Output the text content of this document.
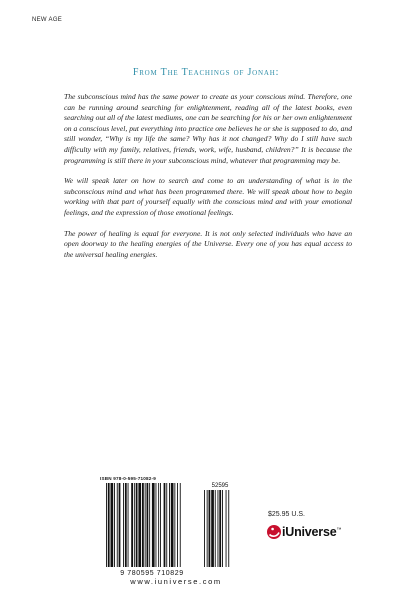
NEW AGE
From The Teachings of Jonah:

The subconscious mind has the same power to create as your conscious mind. Therefore, one can be running around searching for enlightenment, reading all of the latest books, even searching out all of the latest mediums, one can be searching for his or her own enlightenment on a conscious level, put everything into practice one believes he or she is supposed to do, and still wonder, “Why is my life the same? Why has it not changed? Why do I still have such difficulty with my family, relatives, friends, work, wife, husband, children?” It is because the programming is still there in your subconscious mind, whatever that programming may be.

We will speak later on how to search and come to an understanding of what is in the subconscious mind and what has been programmed there. We will speak about how to begin working with that part of yourself equally with the conscious mind and with your emotional feelings, and the expression of those emotional feelings.

The power of healing is equal for everyone. It is not only selected individuals who have an open doorway to the healing energies of the Universe. Every one of you has equal access to the universal healing energies.

ISBN 978-0-595-71082-9
52595
9 780595 710829
$25.95 U.S.
iUniverse™
www.iuniverse.com
